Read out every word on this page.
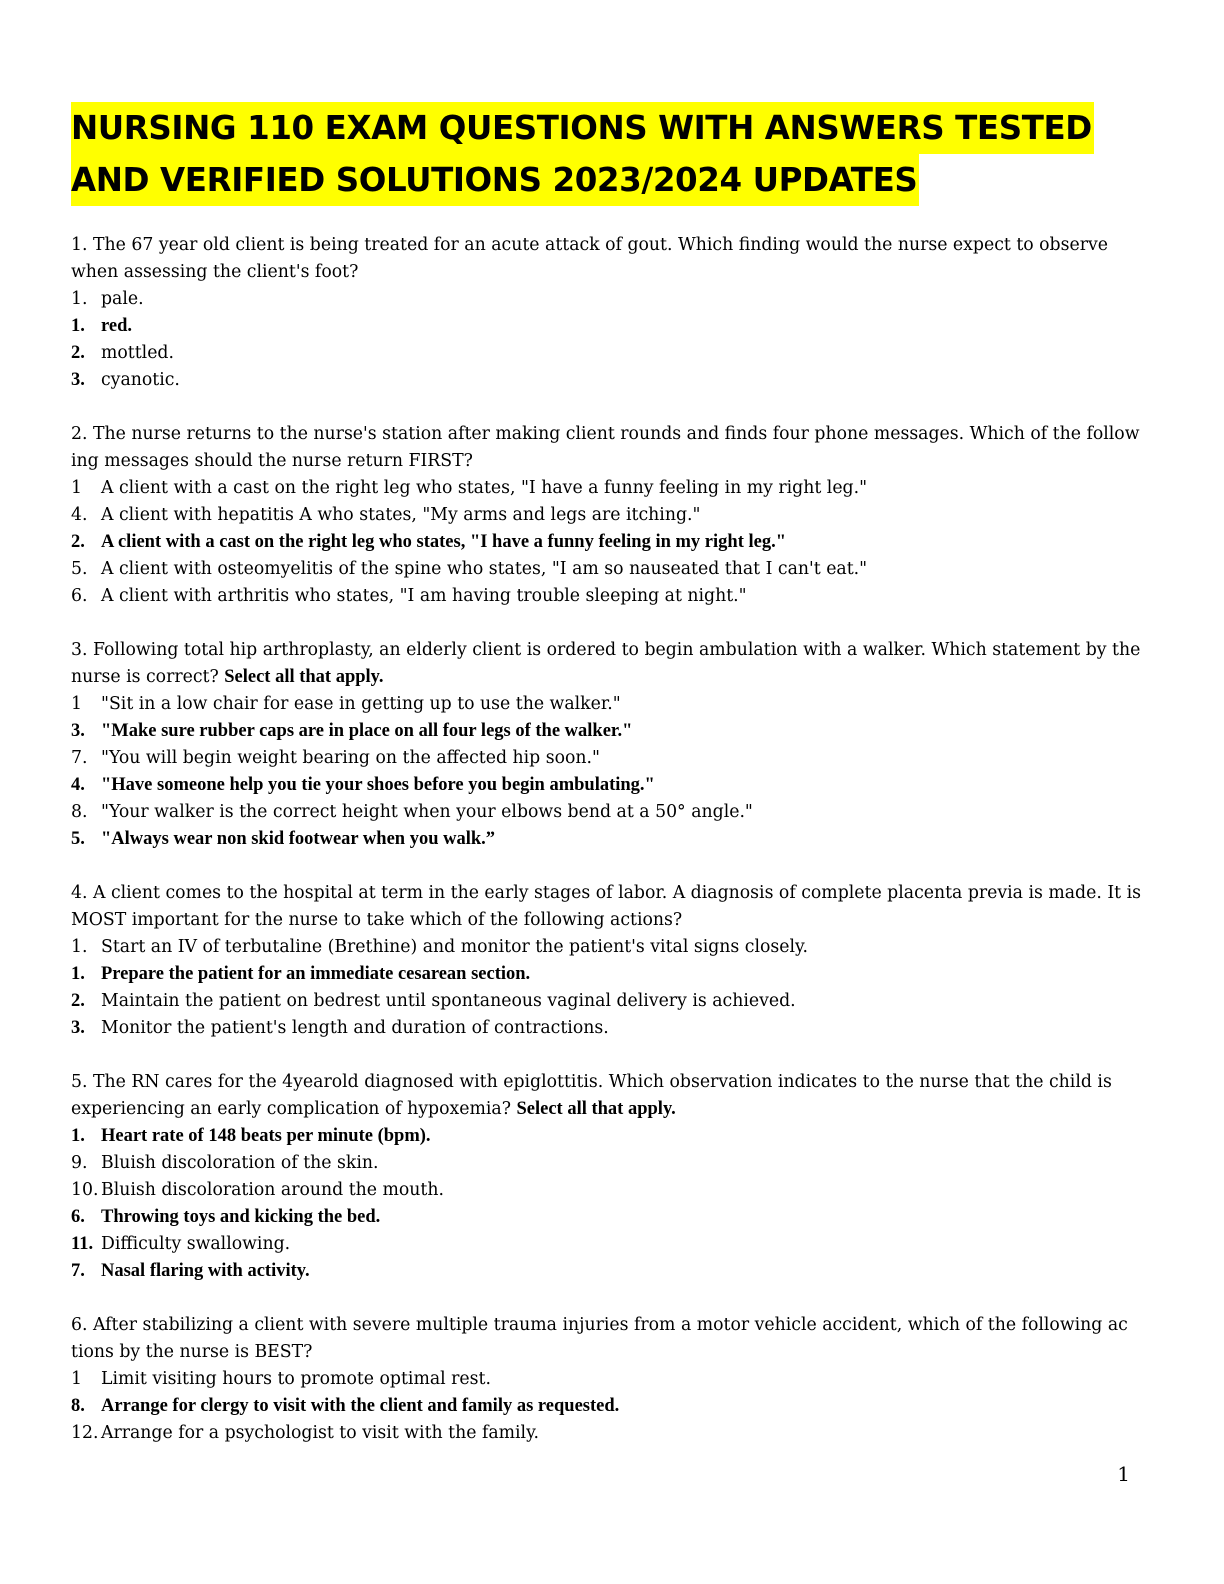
NURSING 110 EXAM QUESTIONS WITH ANSWERS TESTED
AND VERIFIED SOLUTIONS 2023/2024 UPDATES

1. The 67 year old client is being treated for an acute attack of gout. Which finding would the nurse expect to observe when assessing the client's foot?

1. pale.
1. red.
2. mottled.
3. cyanotic.

2. The nurse returns to the nurse's station after making client rounds and finds four phone messages. Which of the follow ing messages should the nurse return FIRST?

1 A client with a cast on the right leg who states, "I have a funny feeling in my right leg."
4. A client with hepatitis A who states, "My arms and legs are itching."
2. A client with a cast on the right leg who states, "I have a funny feeling in my right leg."
5. A client with osteomyelitis of the spine who states, "I am so nauseated that I can't eat."
6. A client with arthritis who states, "I am having trouble sleeping at night."

3. Following total hip arthroplasty, an elderly client is ordered to begin ambulation with a walker. Which statement by the nurse is correct? Select all that apply.

1 "Sit in a low chair for ease in getting up to use the walker."
3. "Make sure rubber caps are in place on all four legs of the walker."
7. "You will begin weight bearing on the affected hip soon."
4. "Have someone help you tie your shoes before you begin ambulating."
8. "Your walker is the correct height when your elbows bend at a 50° angle."
5. "Always wear non skid footwear when you walk.”

4. A client comes to the hospital at term in the early stages of labor. A diagnosis of complete placenta previa is made. It is MOST important for the nurse to take which of the following actions?

1. Start an IV of terbutaline (Brethine) and monitor the patient's vital signs closely.
1. Prepare the patient for an immediate cesarean section.
2. Maintain the patient on bedrest until spontaneous vaginal delivery is achieved.
3. Monitor the patient's length and duration of contractions.

5. The RN cares for the 4yearold diagnosed with epiglottitis. Which observation indicates to the nurse that the child is experiencing an early complication of hypoxemia? Select all that apply.

1. Heart rate of 148 beats per minute (bpm).
9. Bluish discoloration of the skin.
10. Bluish discoloration around the mouth.
6. Throwing toys and kicking the bed.
11. Difficulty swallowing.
7. Nasal flaring with activity.

6. After stabilizing a client with severe multiple trauma injuries from a motor vehicle accident, which of the following ac tions by the nurse is BEST?

1 Limit visiting hours to promote optimal rest.
8. Arrange for clergy to visit with the client and family as requested.
12. Arrange for a psychologist to visit with the family.
1
